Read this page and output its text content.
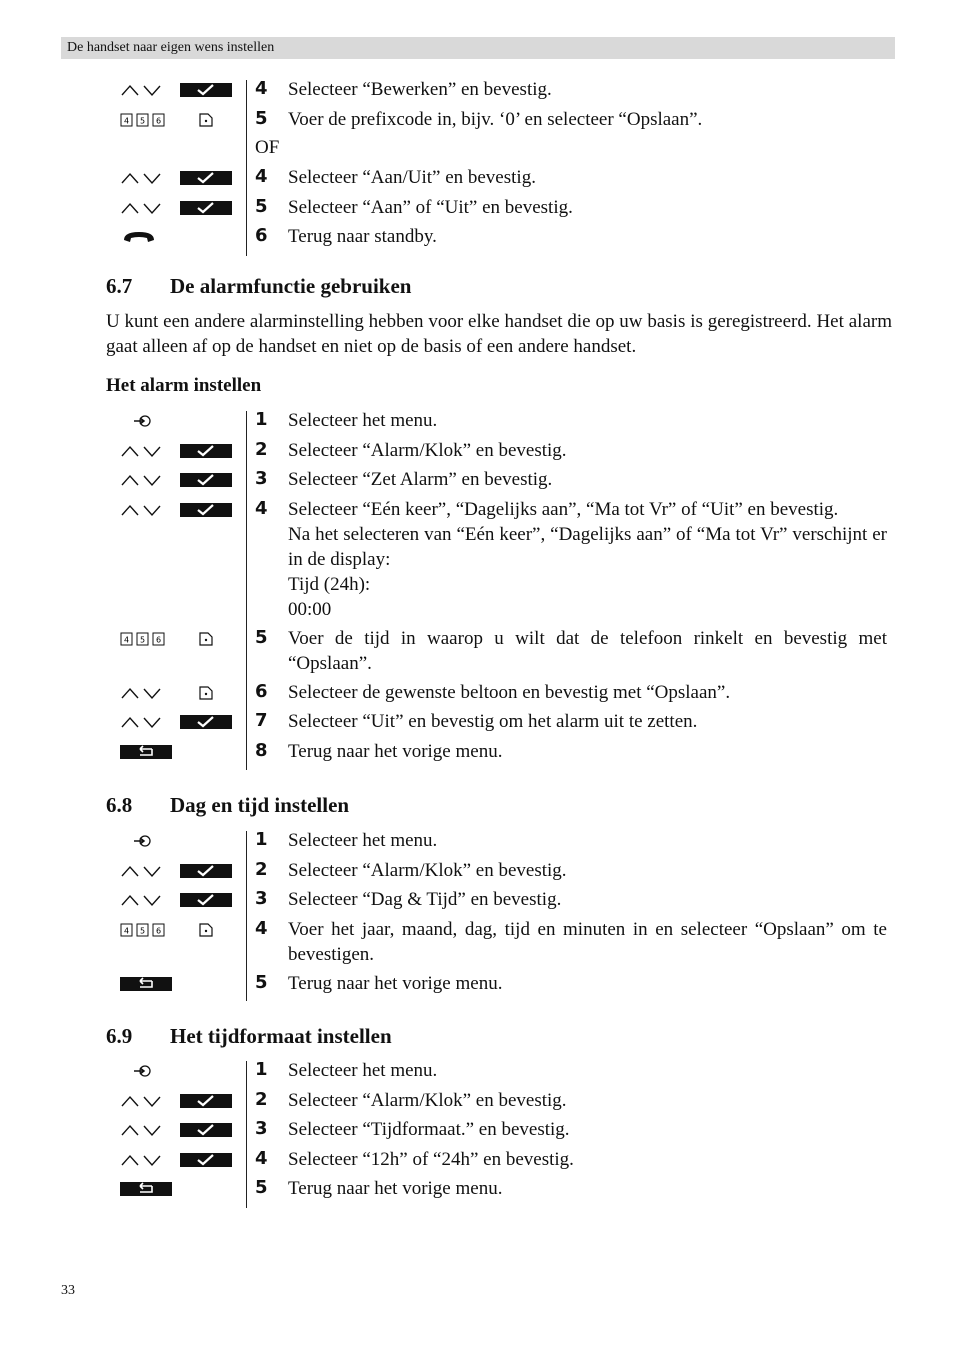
De handset naar eigen wens instellen
4 Selecteer “Bewerken” en bevestig.
4 5 6	5 Voer de prefixcode in, bijv. ‘0’ en selecteer “Opslaan”.
OF
4 Selecteer “Aan/Uit” en bevestig.
5 Selecteer “Aan” of “Uit” en bevestig.
6 Terug naar standby.
6.7 De alarmfunctie gebruiken
U kunt een andere alarminstelling hebben voor elke handset die op uw basis is geregistreerd. Het alarm gaat alleen af op de handset en niet op de basis of een andere handset.
Het alarm instellen
1 Selecteer het menu.
2 Selecteer “Alarm/Klok” en bevestig.
3 Selecteer “Zet Alarm” en bevestig.
4 Selecteer “Eén keer”, “Dagelijks aan”, “Ma tot Vr” of “Uit” en bevestig.
Na het selecteren van “Eén keer”, “Dagelijks aan” of “Ma tot Vr” verschijnt er in de display:
Tijd (24h):
00:00
4 5 6	5 Voer de tijd in waarop u wilt dat de telefoon rinkelt en bevestig met “Opslaan”.
6 Selecteer de gewenste beltoon en bevestig met “Opslaan”.
7 Selecteer “Uit” en bevestig om het alarm uit te zetten.
8 Terug naar het vorige menu.
6.8 Dag en tijd instellen
1 Selecteer het menu.
2 Selecteer “Alarm/Klok” en bevestig.
3 Selecteer “Dag & Tijd” en bevestig.
4 5 6	4 Voer het jaar, maand, dag, tijd en minuten in en selecteer “Opslaan” om te bevestigen.
5 Terug naar het vorige menu.
6.9 Het tijdformaat instellen
1 Selecteer het menu.
2 Selecteer “Alarm/Klok” en bevestig.
3 Selecteer “Tijdformaat.” en bevestig.
4 Selecteer “12h” of “24h” en bevestig.
5 Terug naar het vorige menu.
33
